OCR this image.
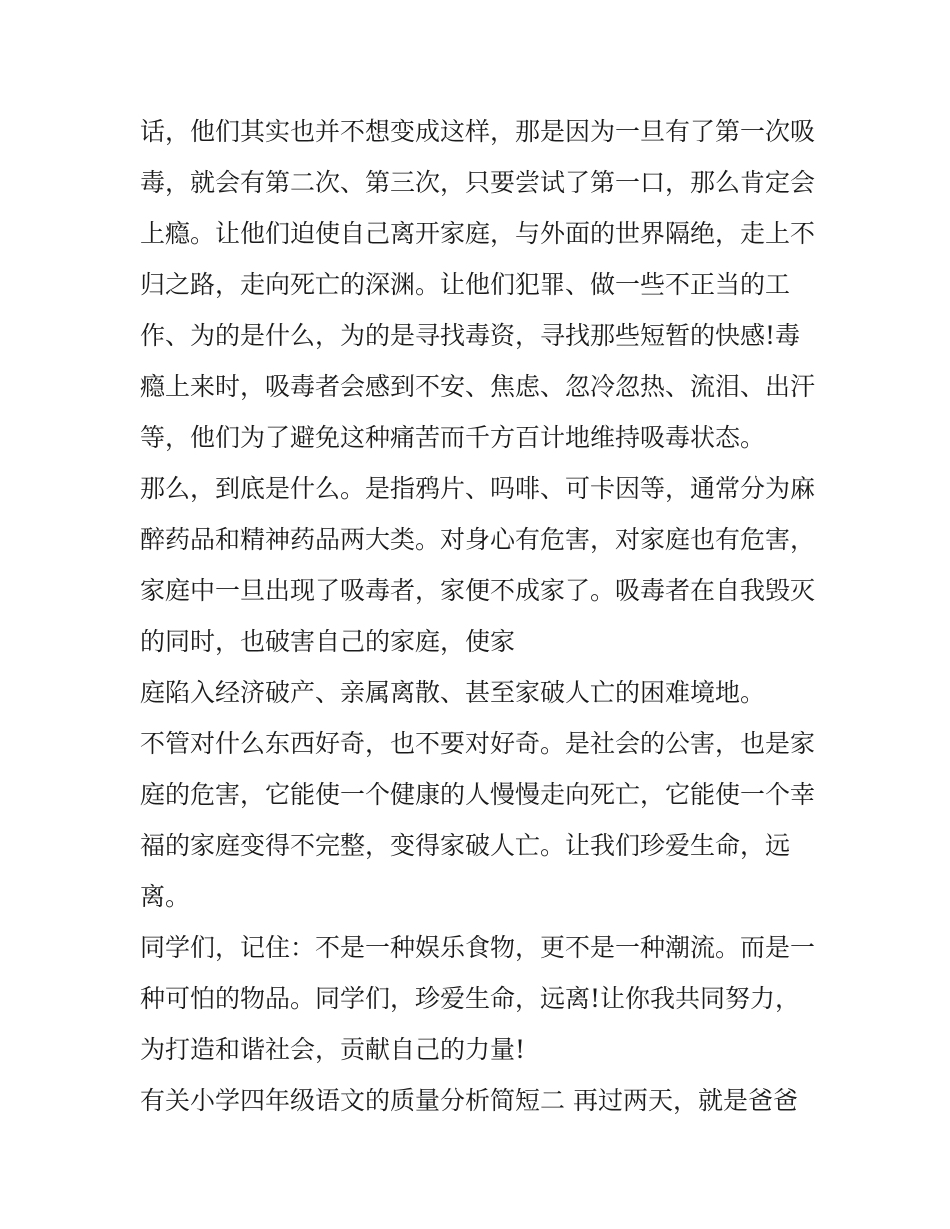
话，他们其实也并不想变成这样，那是因为一旦有了第一次吸
毒，就会有第二次、第三次，只要尝试了第一口，那么肯定会
上瘾。让他们迫使自己离开家庭，与外面的世界隔绝，走上不
归之路，走向死亡的深渊。让他们犯罪、做一些不正当的工
作、为的是什么，为的是寻找毒资，寻找那些短暂的快感!毒
瘾上来时，吸毒者会感到不安、焦虑、忽冷忽热、流泪、出汗
等，他们为了避免这种痛苦而千方百计地维持吸毒状态。
那么，到底是什么。是指鸦片、吗啡、可卡因等，通常分为麻
醉药品和精神药品两大类。对身心有危害，对家庭也有危害，
家庭中一旦出现了吸毒者，家便不成家了。吸毒者在自我毁灭
的同时，也破害自己的家庭，使家
庭陷入经济破产、亲属离散、甚至家破人亡的困难境地。
不管对什么东西好奇，也不要对好奇。是社会的公害，也是家
庭的危害，它能使一个健康的人慢慢走向死亡，它能使一个幸
福的家庭变得不完整，变得家破人亡。让我们珍爱生命，远
离。
同学们，记住：不是一种娱乐食物，更不是一种潮流。而是一
种可怕的物品。同学们，珍爱生命，远离!让你我共同努力，
为打造和谐社会，贡献自己的力量!
有关小学四年级语文的质量分析简短二 再过两天，就是爸爸
